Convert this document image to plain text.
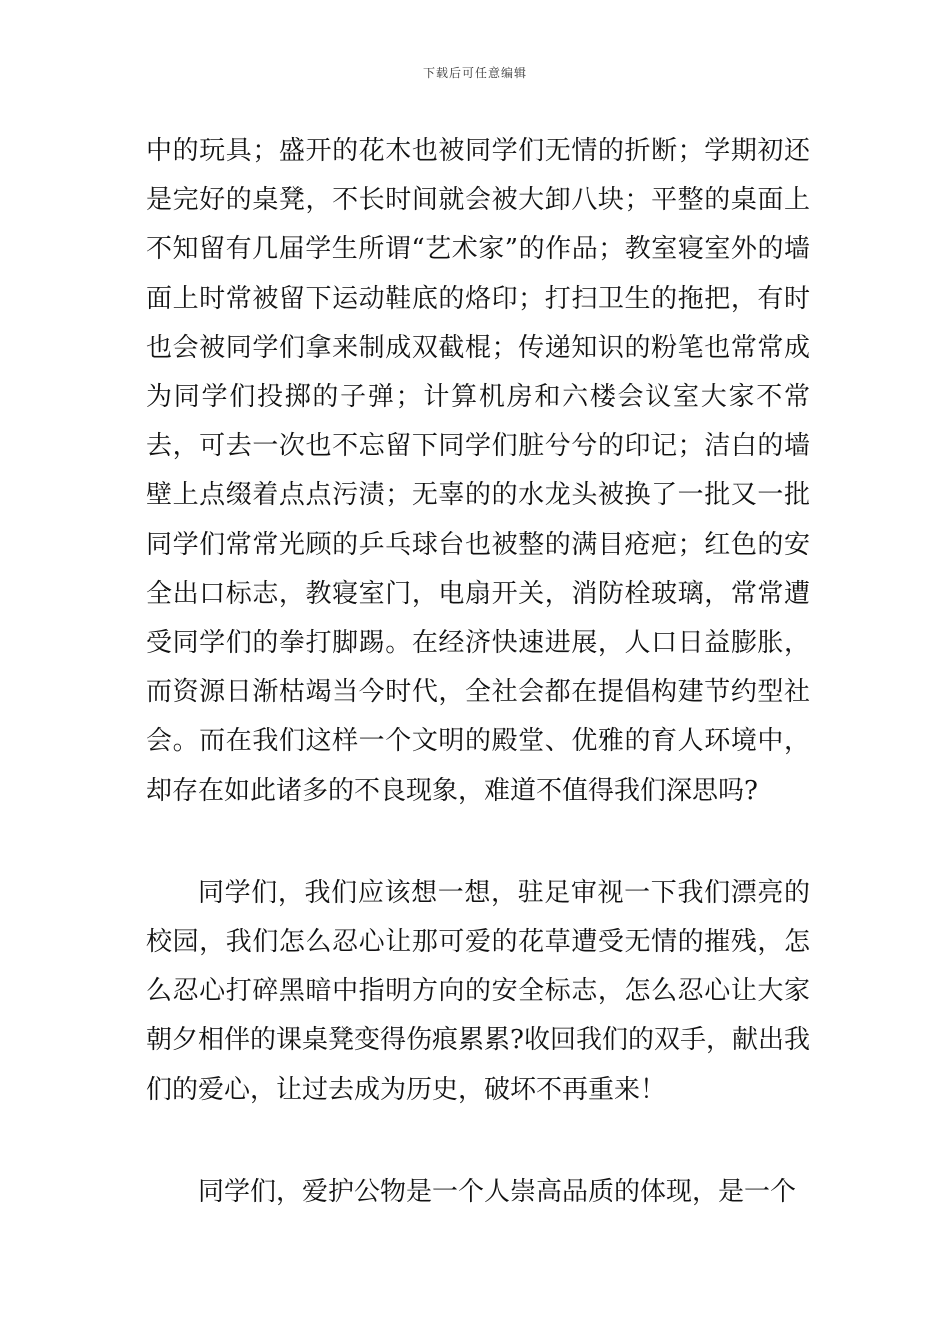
下载后可任意编辑

中的玩具；盛开的花木也被同学们无情的折断；学期初还是完好的桌凳，不长时间就会被大卸八块；平整的桌面上不知留有几届学生所谓“艺术家”的作品；教室寝室外的墙面上时常被留下运动鞋底的烙印；打扫卫生的拖把，有时也会被同学们拿来制成双截棍；传递知识的粉笔也常常成为同学们投掷的子弹；计算机房和六楼会议室大家不常去，可去一次也不忘留下同学们脏兮兮的印记；洁白的墙壁上点缀着点点污渍；无辜的的水龙头被换了一批又一批同学们常常光顾的乒乓球台也被整的满目疮疤；红色的安全出口标志，教寝室门，电扇开关，消防栓玻璃，常常遭受同学们的拳打脚踢。在经济快速进展，人口日益膨胀，而资源日渐枯竭当今时代，全社会都在提倡构建节约型社会。而在我们这样一个文明的殿堂、优雅的育人环境中，却存在如此诸多的不良现象，难道不值得我们深思吗?

同学们，我们应该想一想，驻足审视一下我们漂亮的校园，我们怎么忍心让那可爱的花草遭受无情的摧残，怎么忍心打碎黑暗中指明方向的安全标志，怎么忍心让大家朝夕相伴的课桌凳变得伤痕累累?收回我们的双手，献出我们的爱心，让过去成为历史，破坏不再重来！

同学们，爱护公物是一个人崇高品质的体现，是一个
